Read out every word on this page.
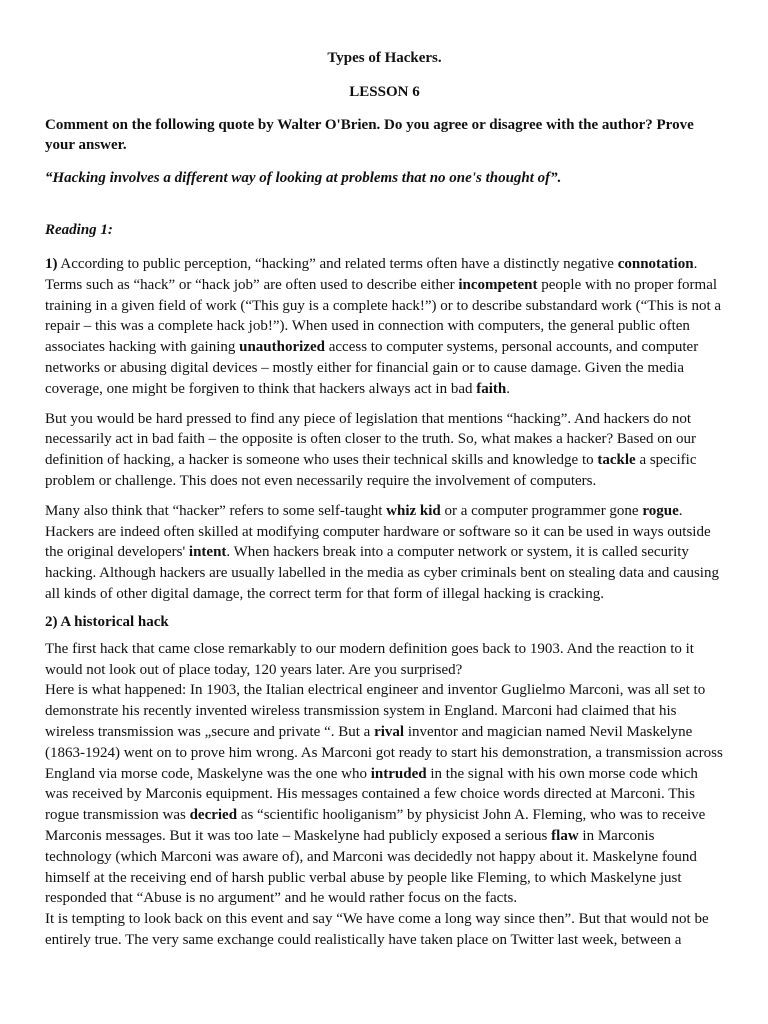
Types of Hackers.
LESSON 6
Comment on the following quote by Walter O'Brien. Do you agree or disagree with the author? Prove your answer.
“Hacking involves a different way of looking at problems that no one's thought of”.
Reading 1:

1) According to public perception, “hacking” and related terms often have a distinctly negative connotation. Terms such as “hack” or “hack job” are often used to describe either incompetent people with no proper formal training in a given field of work (“This guy is a complete hack!”) or to describe substandard work (“This is not a repair – this was a complete hack job!”). When used in connection with computers, the general public often associates hacking with gaining unauthorized access to computer systems, personal accounts, and computer networks or abusing digital devices – mostly either for financial gain or to cause damage. Given the media coverage, one might be forgiven to think that hackers always act in bad faith.

But you would be hard pressed to find any piece of legislation that mentions “hacking”. And hackers do not necessarily act in bad faith – the opposite is often closer to the truth. So, what makes a hacker? Based on our definition of hacking, a hacker is someone who uses their technical skills and knowledge to tackle a specific problem or challenge. This does not even necessarily require the involvement of computers.

Many also think that “hacker” refers to some self-taught whiz kid or a computer programmer gone rogue. Hackers are indeed often skilled at modifying computer hardware or software so it can be used in ways outside the original developers' intent. When hackers break into a computer network or system, it is called security hacking. Although hackers are usually labelled in the media as cyber criminals bent on stealing data and causing all kinds of other digital damage, the correct term for that form of illegal hacking is cracking.

2) A historical hack

The first hack that came close remarkably to our modern definition goes back to 1903. And the reaction to it would not look out of place today, 120 years later. Are you surprised?

Here is what happened: In 1903, the Italian electrical engineer and inventor Guglielmo Marconi, was all set to demonstrate his recently invented wireless transmission system in England. Marconi had claimed that his wireless transmission was „secure and private “. But a rival inventor and magician named Nevil Maskelyne (1863-1924) went on to prove him wrong. As Marconi got ready to start his demonstration, a transmission across England via morse code, Maskelyne was the one who intruded in the signal with his own morse code which was received by Marconis equipment. His messages contained a few choice words directed at Marconi. This rogue transmission was decried as “scientific hooliganism” by physicist John A. Fleming, who was to receive Marconis messages. But it was too late – Maskelyne had publicly exposed a serious flaw in Marconis technology (which Marconi was aware of), and Marconi was decidedly not happy about it. Maskelyne found himself at the receiving end of harsh public verbal abuse by people like Fleming, to which Maskelyne just responded that “Abuse is no argument” and he would rather focus on the facts.

It is tempting to look back on this event and say “We have come a long way since then”. But that would not be entirely true. The very same exchange could realistically have taken place on Twitter last week, between a
